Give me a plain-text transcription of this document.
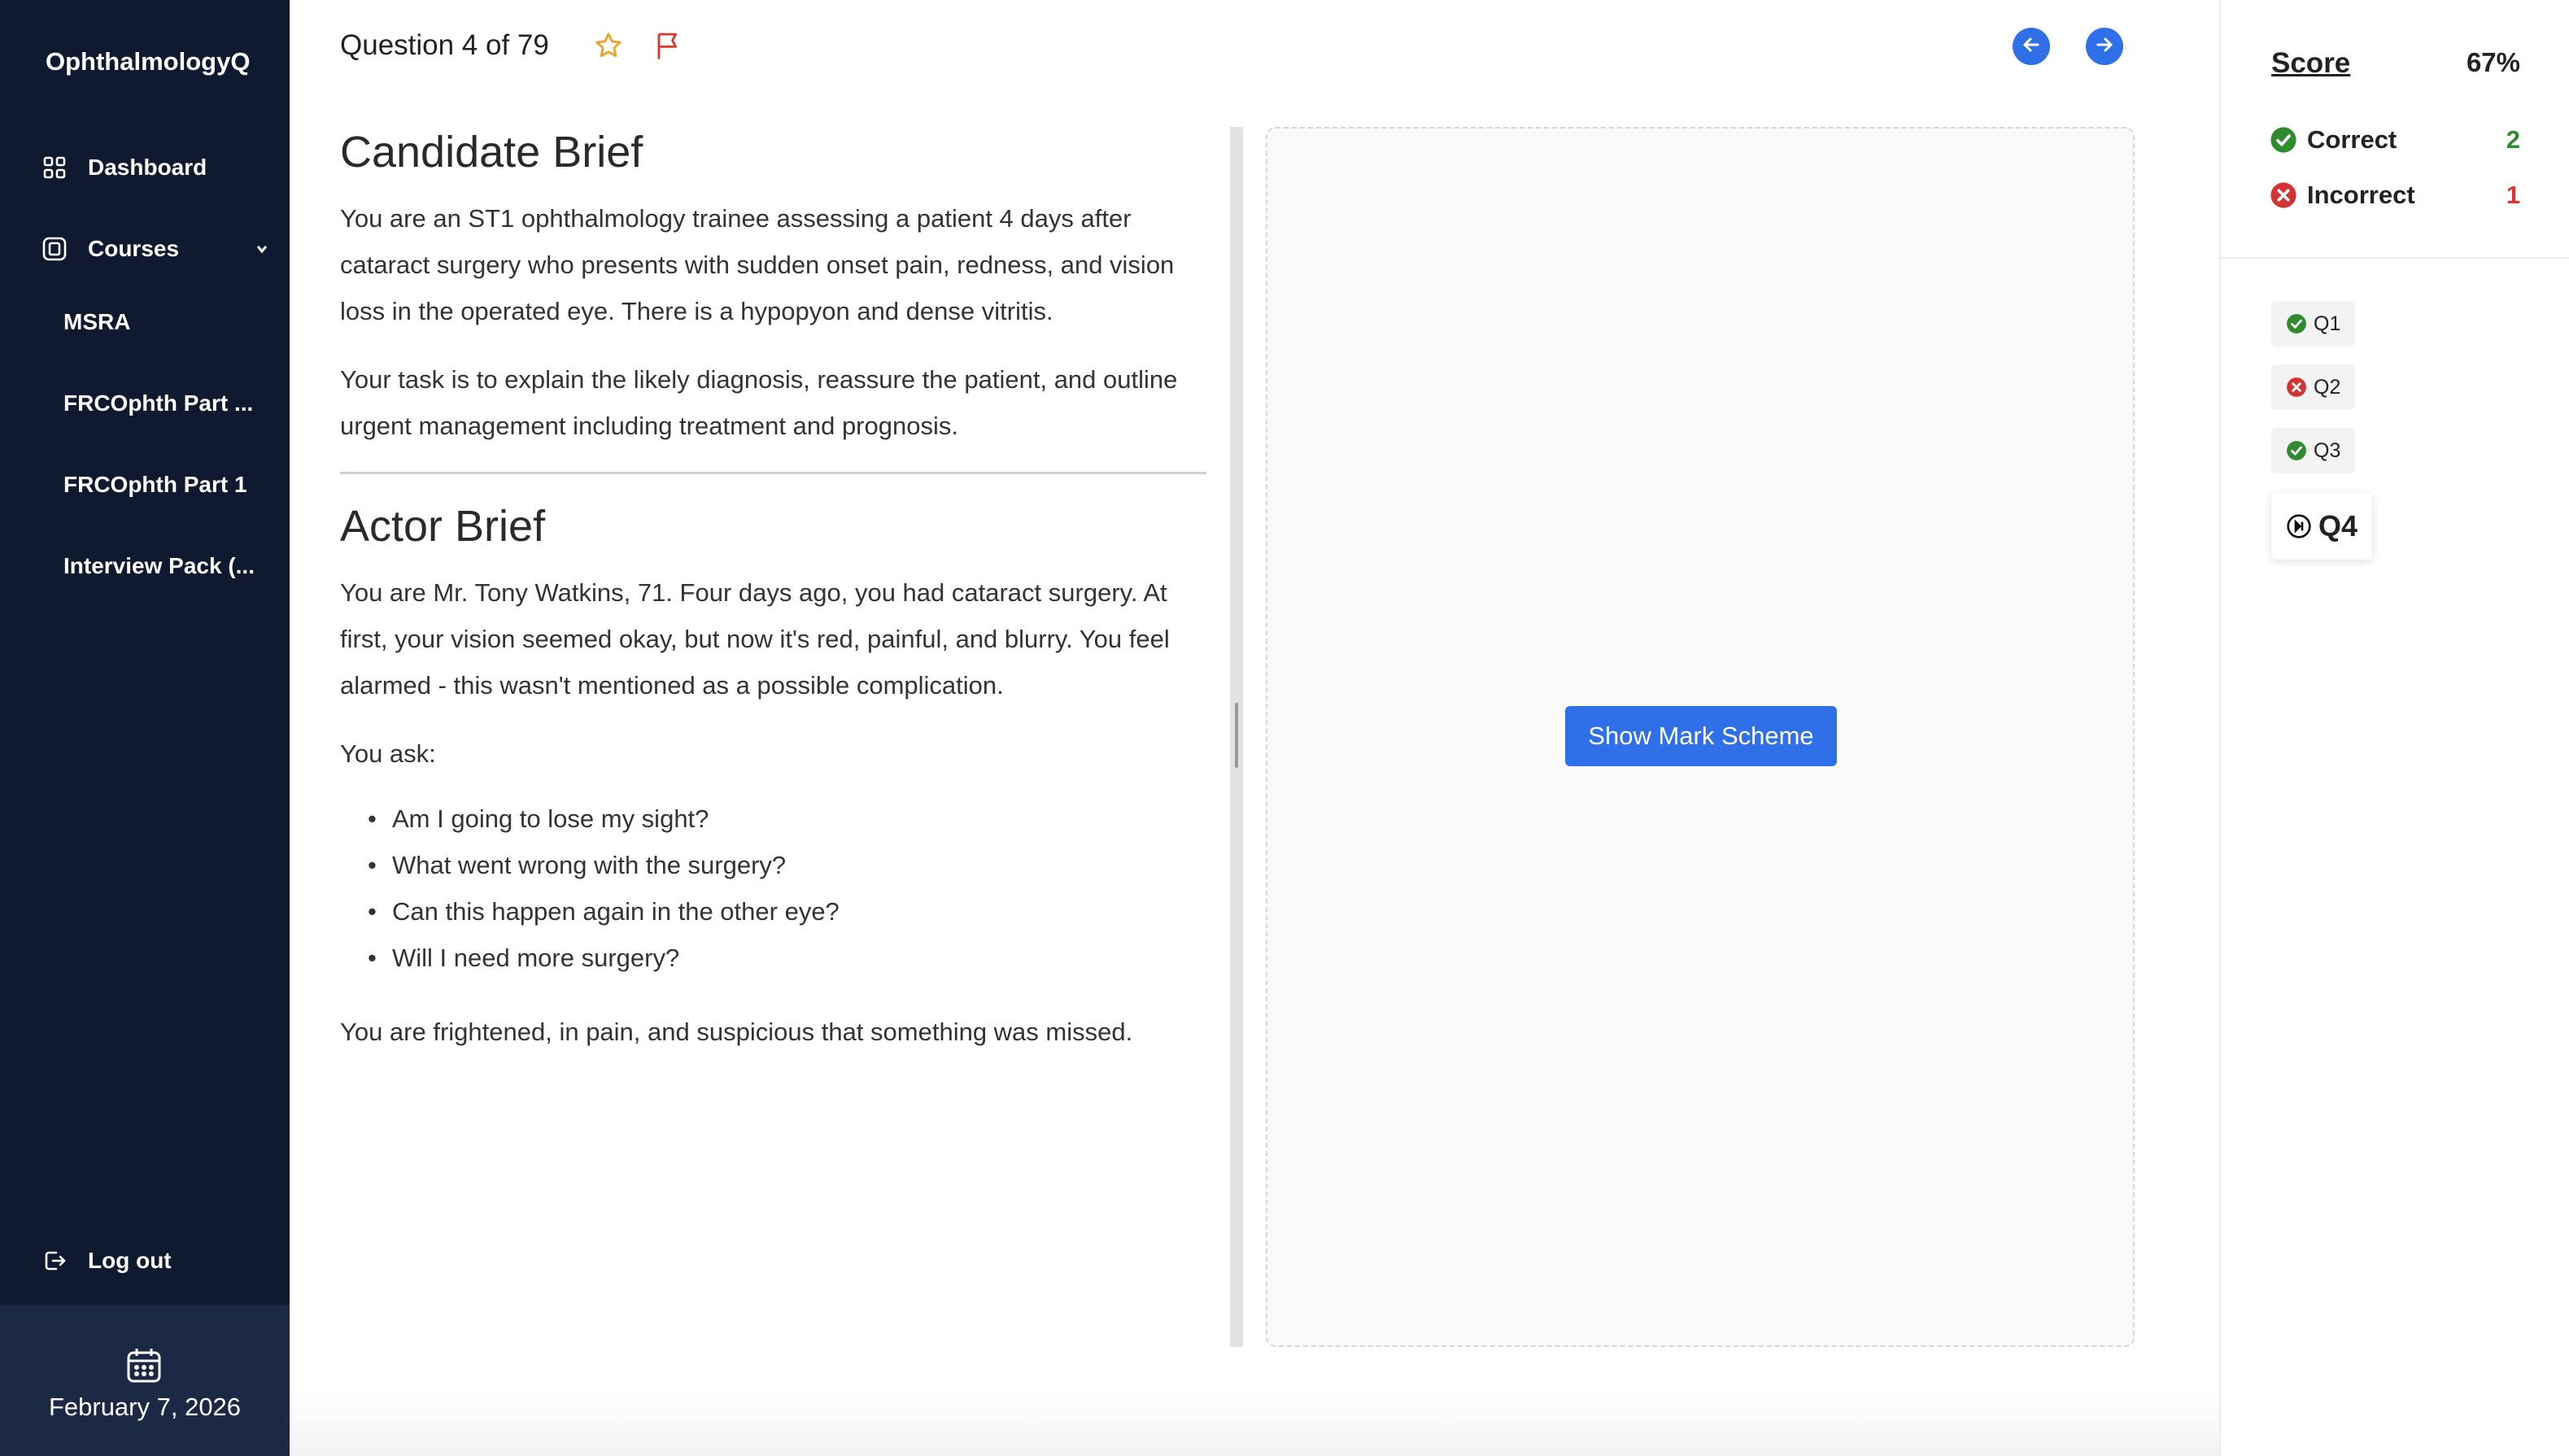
OphthalmologyQ
Dashboard
Courses
MSRA
FRCOphth Part ...
FRCOphth Part 1
Interview Pack (...
Log out
February 7, 2026
Question 4 of 79
Candidate Brief

You are an ST1 ophthalmology trainee assessing a patient 4 days after cataract surgery who presents with sudden onset pain, redness, and vision loss in the operated eye. There is a hypopyon and dense vitritis.

Your task is to explain the likely diagnosis, reassure the patient, and outline urgent management including treatment and prognosis.

Actor Brief

You are Mr. Tony Watkins, 71. Four days ago, you had cataract surgery. At first, your vision seemed okay, but now it's red, painful, and blurry. You feel alarmed - this wasn't mentioned as a possible complication.

You ask:

• Am I going to lose my sight?
• What went wrong with the surgery?
• Can this happen again in the other eye?
• Will I need more surgery?

You are frightened, in pain, and suspicious that something was missed.

Show Mark Scheme
Score	67%
Correct	2
Incorrect	1
Q1
Q2
Q3
Q4
